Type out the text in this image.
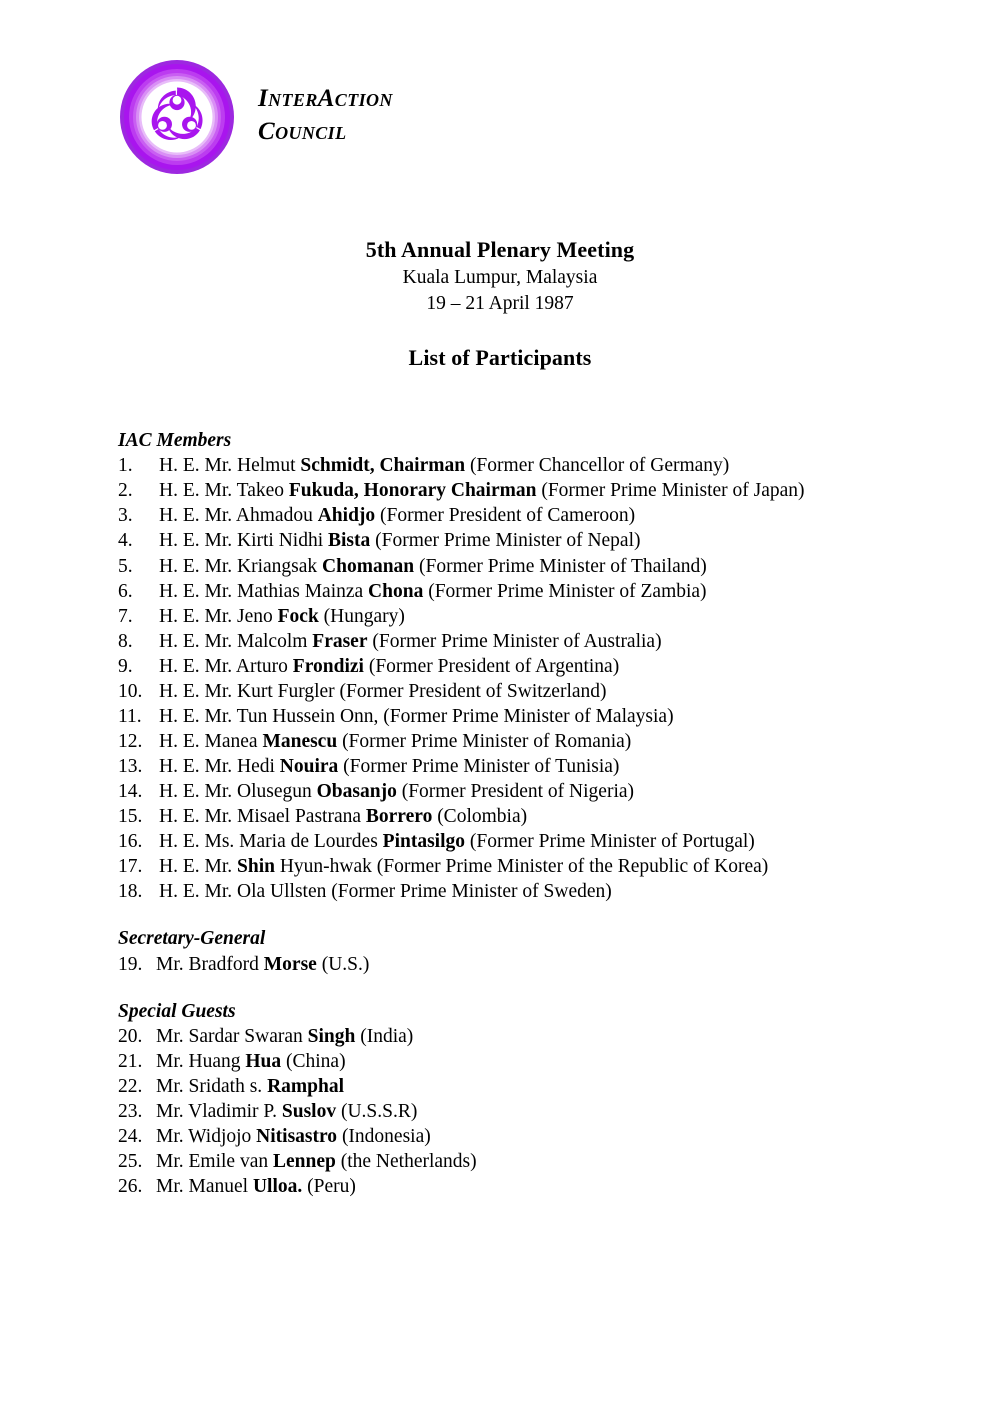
InterAction
Council
5th Annual Plenary Meeting
Kuala Lumpur, Malaysia
19 – 21 April 1987
List of Participants
IAC Members
1.	H. E. Mr. Helmut Schmidt, Chairman (Former Chancellor of Germany)
2.	H. E. Mr. Takeo Fukuda, Honorary Chairman (Former Prime Minister of Japan)
3.	H. E. Mr. Ahmadou Ahidjo (Former President of Cameroon)
4.	H. E. Mr. Kirti Nidhi Bista (Former Prime Minister of Nepal)
5.	H. E. Mr. Kriangsak Chomanan (Former Prime Minister of Thailand)
6.	H. E. Mr. Mathias Mainza Chona (Former Prime Minister of Zambia)
7.	H. E. Mr. Jeno Fock (Hungary)
8.	H. E. Mr. Malcolm Fraser (Former Prime Minister of Australia)
9.	H. E. Mr. Arturo Frondizi (Former President of Argentina)
10. H. E. Mr. Kurt Furgler (Former President of Switzerland)
11. H. E. Mr. Tun Hussein Onn, (Former Prime Minister of Malaysia)
12. H. E. Manea Manescu (Former Prime Minister of Romania)
13. H. E. Mr. Hedi Nouira (Former Prime Minister of Tunisia)
14. H. E. Mr. Olusegun Obasanjo (Former President of Nigeria)
15. H. E. Mr. Misael Pastrana Borrero (Colombia)
16. H. E. Ms. Maria de Lourdes Pintasilgo (Former Prime Minister of Portugal)
17. H. E. Mr. Shin Hyun-hwak (Former Prime Minister of the Republic of Korea)
18. H. E. Mr. Ola Ullsten (Former Prime Minister of Sweden)
Secretary-General
19. Mr. Bradford Morse (U.S.)
Special Guests
20. Mr. Sardar Swaran Singh (India)
21. Mr. Huang Hua (China)
22. Mr. Sridath s. Ramphal
23. Mr. Vladimir P. Suslov (U.S.S.R)
24. Mr. Widjojo Nitisastro (Indonesia)
25. Mr. Emile van Lennep (the Netherlands)
26. Mr. Manuel Ulloa. (Peru)
